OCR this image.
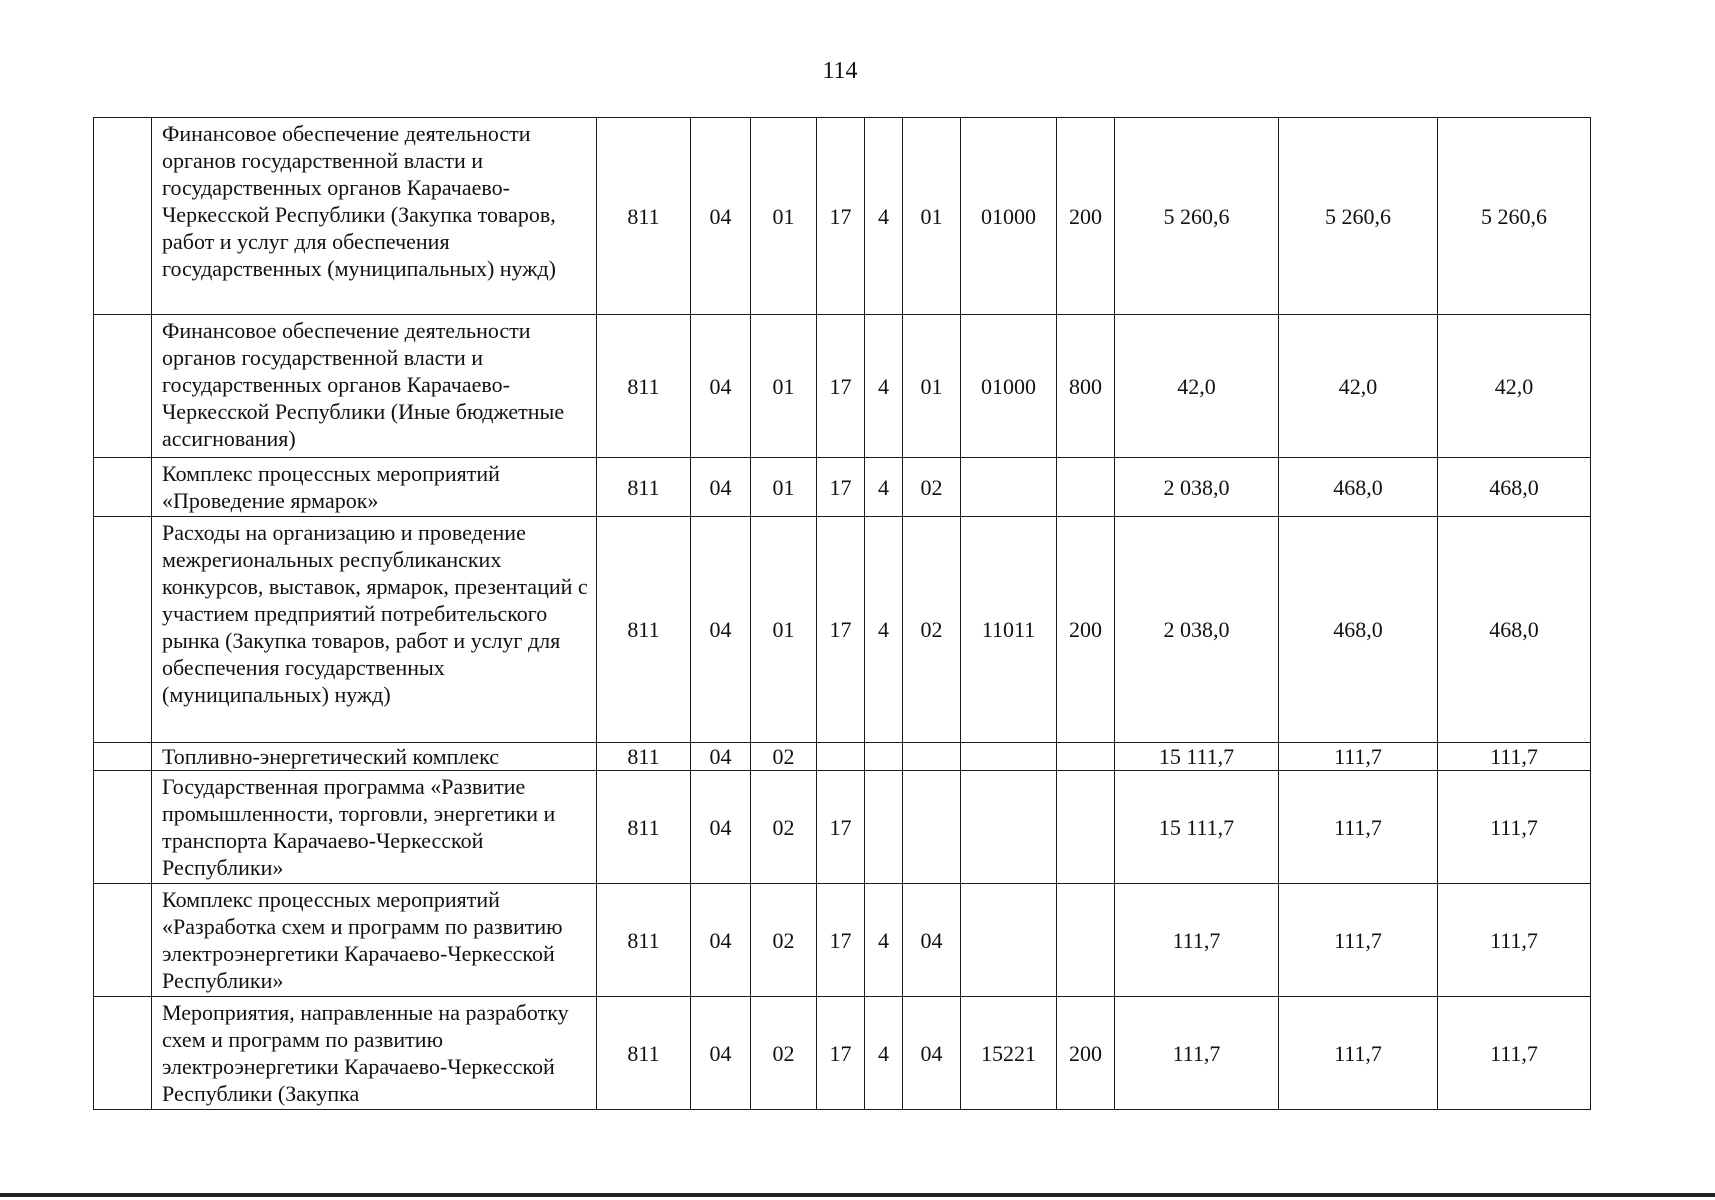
114
	Финансовое обеспечение деятельности органов государственной власти и государственных органов Карачаево-Черкесской Республики (Закупка товаров, работ и услуг для обеспечения государственных (муниципальных) нужд)	811	04	01	17	4	01	01000	200	5 260,6	5 260,6	5 260,6
	Финансовое обеспечение деятельности органов государственной власти и государственных органов Карачаево-Черкесской Республики (Иные бюджетные ассигнования)	811	04	01	17	4	01	01000	800	42,0	42,0	42,0
	Комплекс процессных мероприятий «Проведение ярмарок»	811	04	01	17	4	02			2 038,0	468,0	468,0
	Расходы на организацию и проведение межрегиональных республиканских конкурсов, выставок, ярмарок, презентаций с участием предприятий потребительского рынка (Закупка товаров, работ и услуг для обеспечения государственных (муниципальных) нужд)	811	04	01	17	4	02	11011	200	2 038,0	468,0	468,0
	Топливно-энергетический комплекс	811	04	02						15 111,7	111,7	111,7
	Государственная программа «Развитие промышленности, торговли, энергетики и транспорта Карачаево-Черкесской Республики»	811	04	02	17					15 111,7	111,7	111,7
	Комплекс процессных мероприятий «Разработка схем и программ по развитию электроэнергетики Карачаево-Черкесской Республики»	811	04	02	17	4	04			111,7	111,7	111,7
	Мероприятия, направленные на разработку схем и программ по развитию электроэнергетики Карачаево-Черкесской Республики (Закупка	811	04	02	17	4	04	15221	200	111,7	111,7	111,7
